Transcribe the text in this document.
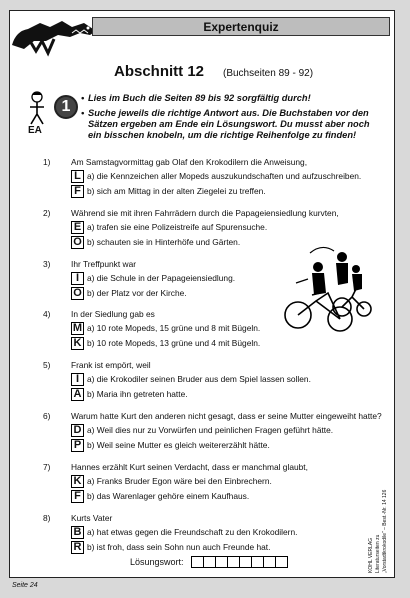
Expertenquiz
Abschnitt 12 (Buchseiten 89 - 92)
EA
1	• Lies im Buch die Seiten 89 bis 92 sorgfältig durch!
• Suche jeweils die richtige Antwort aus. Die Buchstaben vor den
Sätzen ergeben am Ende ein Lösungswort. Du musst aber noch
ein bisschen knobeln, um die richtige Reihenfolge zu finden!
1) Am Samstagvormittag gab Olaf den Krokodilern die Anweisung,
L a) die Kennzeichen aller Mopeds auszukundschaften und aufzuschreiben.
F b) sich am Mittag in der alten Ziegelei zu treffen.
2) Während sie mit ihren Fahrrädern durch die Papageiensiedlung kurvten,
E a) trafen sie eine Polizeistreife auf Spurensuche.
O b) schauten sie in Hinterhöfe und Gärten.
3) Ihr Treffpunkt war
I a) die Schule in der Papageiensiedlung.
O b) der Platz vor der Kirche.
4) In der Siedlung gab es
M a) 10 rote Mopeds, 15 grüne und 8 mit Bügeln.
K b) 10 rote Mopeds, 13 grüne und 4 mit Bügeln.
5) Frank ist empört, weil
I a) die Krokodiler seinen Bruder aus dem Spiel lassen sollen.
A b) Maria ihn getreten hatte.
6) Warum hatte Kurt den anderen nicht gesagt, dass er seine Mutter eingeweiht hatte?
D a) Weil dies nur zu Vorwürfen und peinlichen Fragen geführt hätte.
P b) Weil seine Mutter es gleich weitererzählt hätte.
7) Hannes erzählt Kurt seinen Verdacht, dass er manchmal glaubt,
K a) Franks Bruder Egon wäre bei den Einbrechern.
F b) das Warenlager gehöre einem Kaufhaus.
8) Kurts Vater
B a) hat etwas gegen die Freundschaft zu den Krokodilern.
R b) ist froh, dass sein Sohn nun auch Freunde hat.
Lösungswort:	KOHL VERLAG Literaturseiten zu „Vorstadtkrokodile“ – Best.-Nr. 14 126
Seite 24
